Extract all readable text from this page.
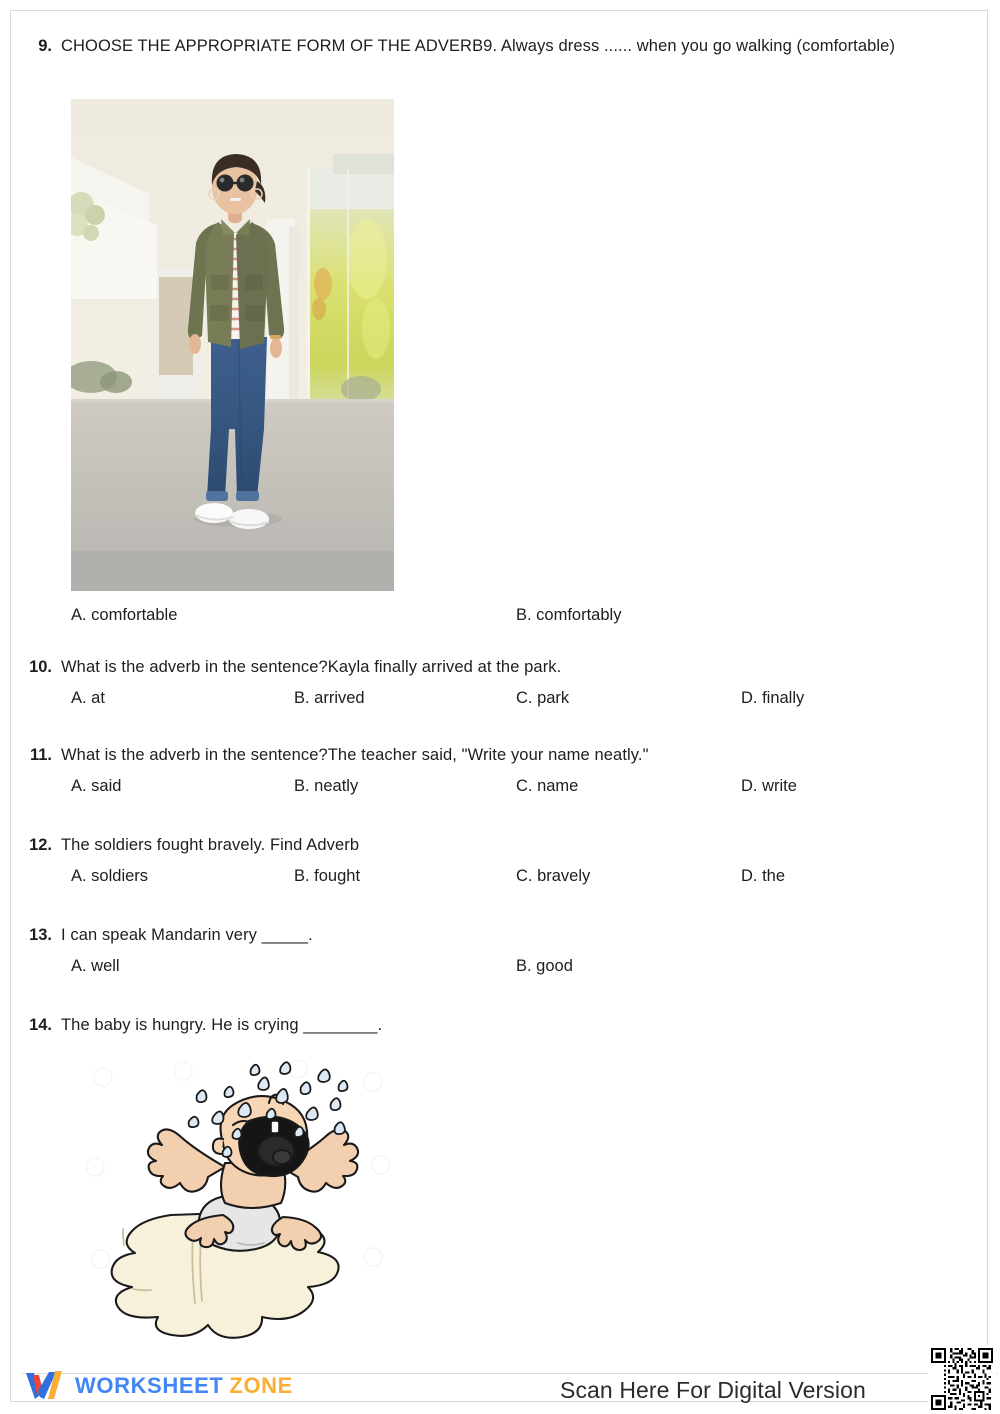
9. CHOOSE THE APPROPRIATE FORM OF THE ADVERB9. Always dress ...... when you go walking (comfortable)
A. comfortable	B. comfortably
10. What is the adverb in the sentence?Kayla finally arrived at the park.
A. at	B. arrived	C. park	D. finally
11. What is the adverb in the sentence?The teacher said, "Write your name neatly."
A. said	B. neatly	C. name	D. write
12. The soldiers fought bravely. Find Adverb
A. soldiers	B. fought	C. bravely	D. the
13. I can speak Mandarin very _____.
A. well	B. good
14. The baby is hungry. He is crying ________.
WORKSHEET ZONE	Scan Here For Digital Version
